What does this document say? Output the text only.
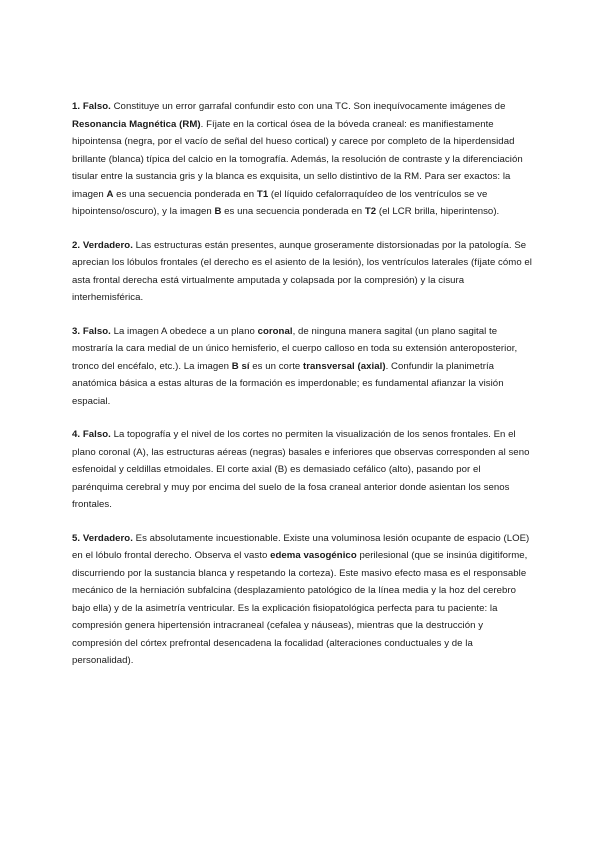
1. Falso. Constituye un error garrafal confundir esto con una TC. Son inequívocamente imágenes de Resonancia Magnética (RM). Fíjate en la cortical ósea de la bóveda craneal: es manifiestamente hipointensa (negra, por el vacío de señal del hueso cortical) y carece por completo de la hiperdensidad brillante (blanca) típica del calcio en la tomografía. Además, la resolución de contraste y la diferenciación tisular entre la sustancia gris y la blanca es exquisita, un sello distintivo de la RM. Para ser exactos: la imagen A es una secuencia ponderada en T1 (el líquido cefalorraquídeo de los ventrículos se ve hipointenso/oscuro), y la imagen B es una secuencia ponderada en T2 (el LCR brilla, hiperintenso).

2. Verdadero. Las estructuras están presentes, aunque groseramente distorsionadas por la patología. Se aprecian los lóbulos frontales (el derecho es el asiento de la lesión), los ventrículos laterales (fíjate cómo el asta frontal derecha está virtualmente amputada y colapsada por la compresión) y la cisura interhemisférica.

3. Falso. La imagen A obedece a un plano coronal, de ninguna manera sagital (un plano sagital te mostraría la cara medial de un único hemisferio, el cuerpo calloso en toda su extensión anteroposterior, tronco del encéfalo, etc.). La imagen B sí es un corte transversal (axial). Confundir la planimetría anatómica básica a estas alturas de la formación es imperdonable; es fundamental afianzar la visión espacial.

4. Falso. La topografía y el nivel de los cortes no permiten la visualización de los senos frontales. En el plano coronal (A), las estructuras aéreas (negras) basales e inferiores que observas corresponden al seno esfenoidal y celdillas etmoidales. El corte axial (B) es demasiado cefálico (alto), pasando por el parénquima cerebral y muy por encima del suelo de la fosa craneal anterior donde asientan los senos frontales.

5. Verdadero. Es absolutamente incuestionable. Existe una voluminosa lesión ocupante de espacio (LOE) en el lóbulo frontal derecho. Observa el vasto edema vasogénico perilesional (que se insinúa digitiforme, discurriendo por la sustancia blanca y respetando la corteza). Este masivo efecto masa es el responsable mecánico de la herniación subfalcina (desplazamiento patológico de la línea media y la hoz del cerebro bajo ella) y de la asimetría ventricular. Es la explicación fisiopatológica perfecta para tu paciente: la compresión genera hipertensión intracraneal (cefalea y náuseas), mientras que la destrucción y compresión del córtex prefrontal desencadena la focalidad (alteraciones conductuales y de la personalidad).
